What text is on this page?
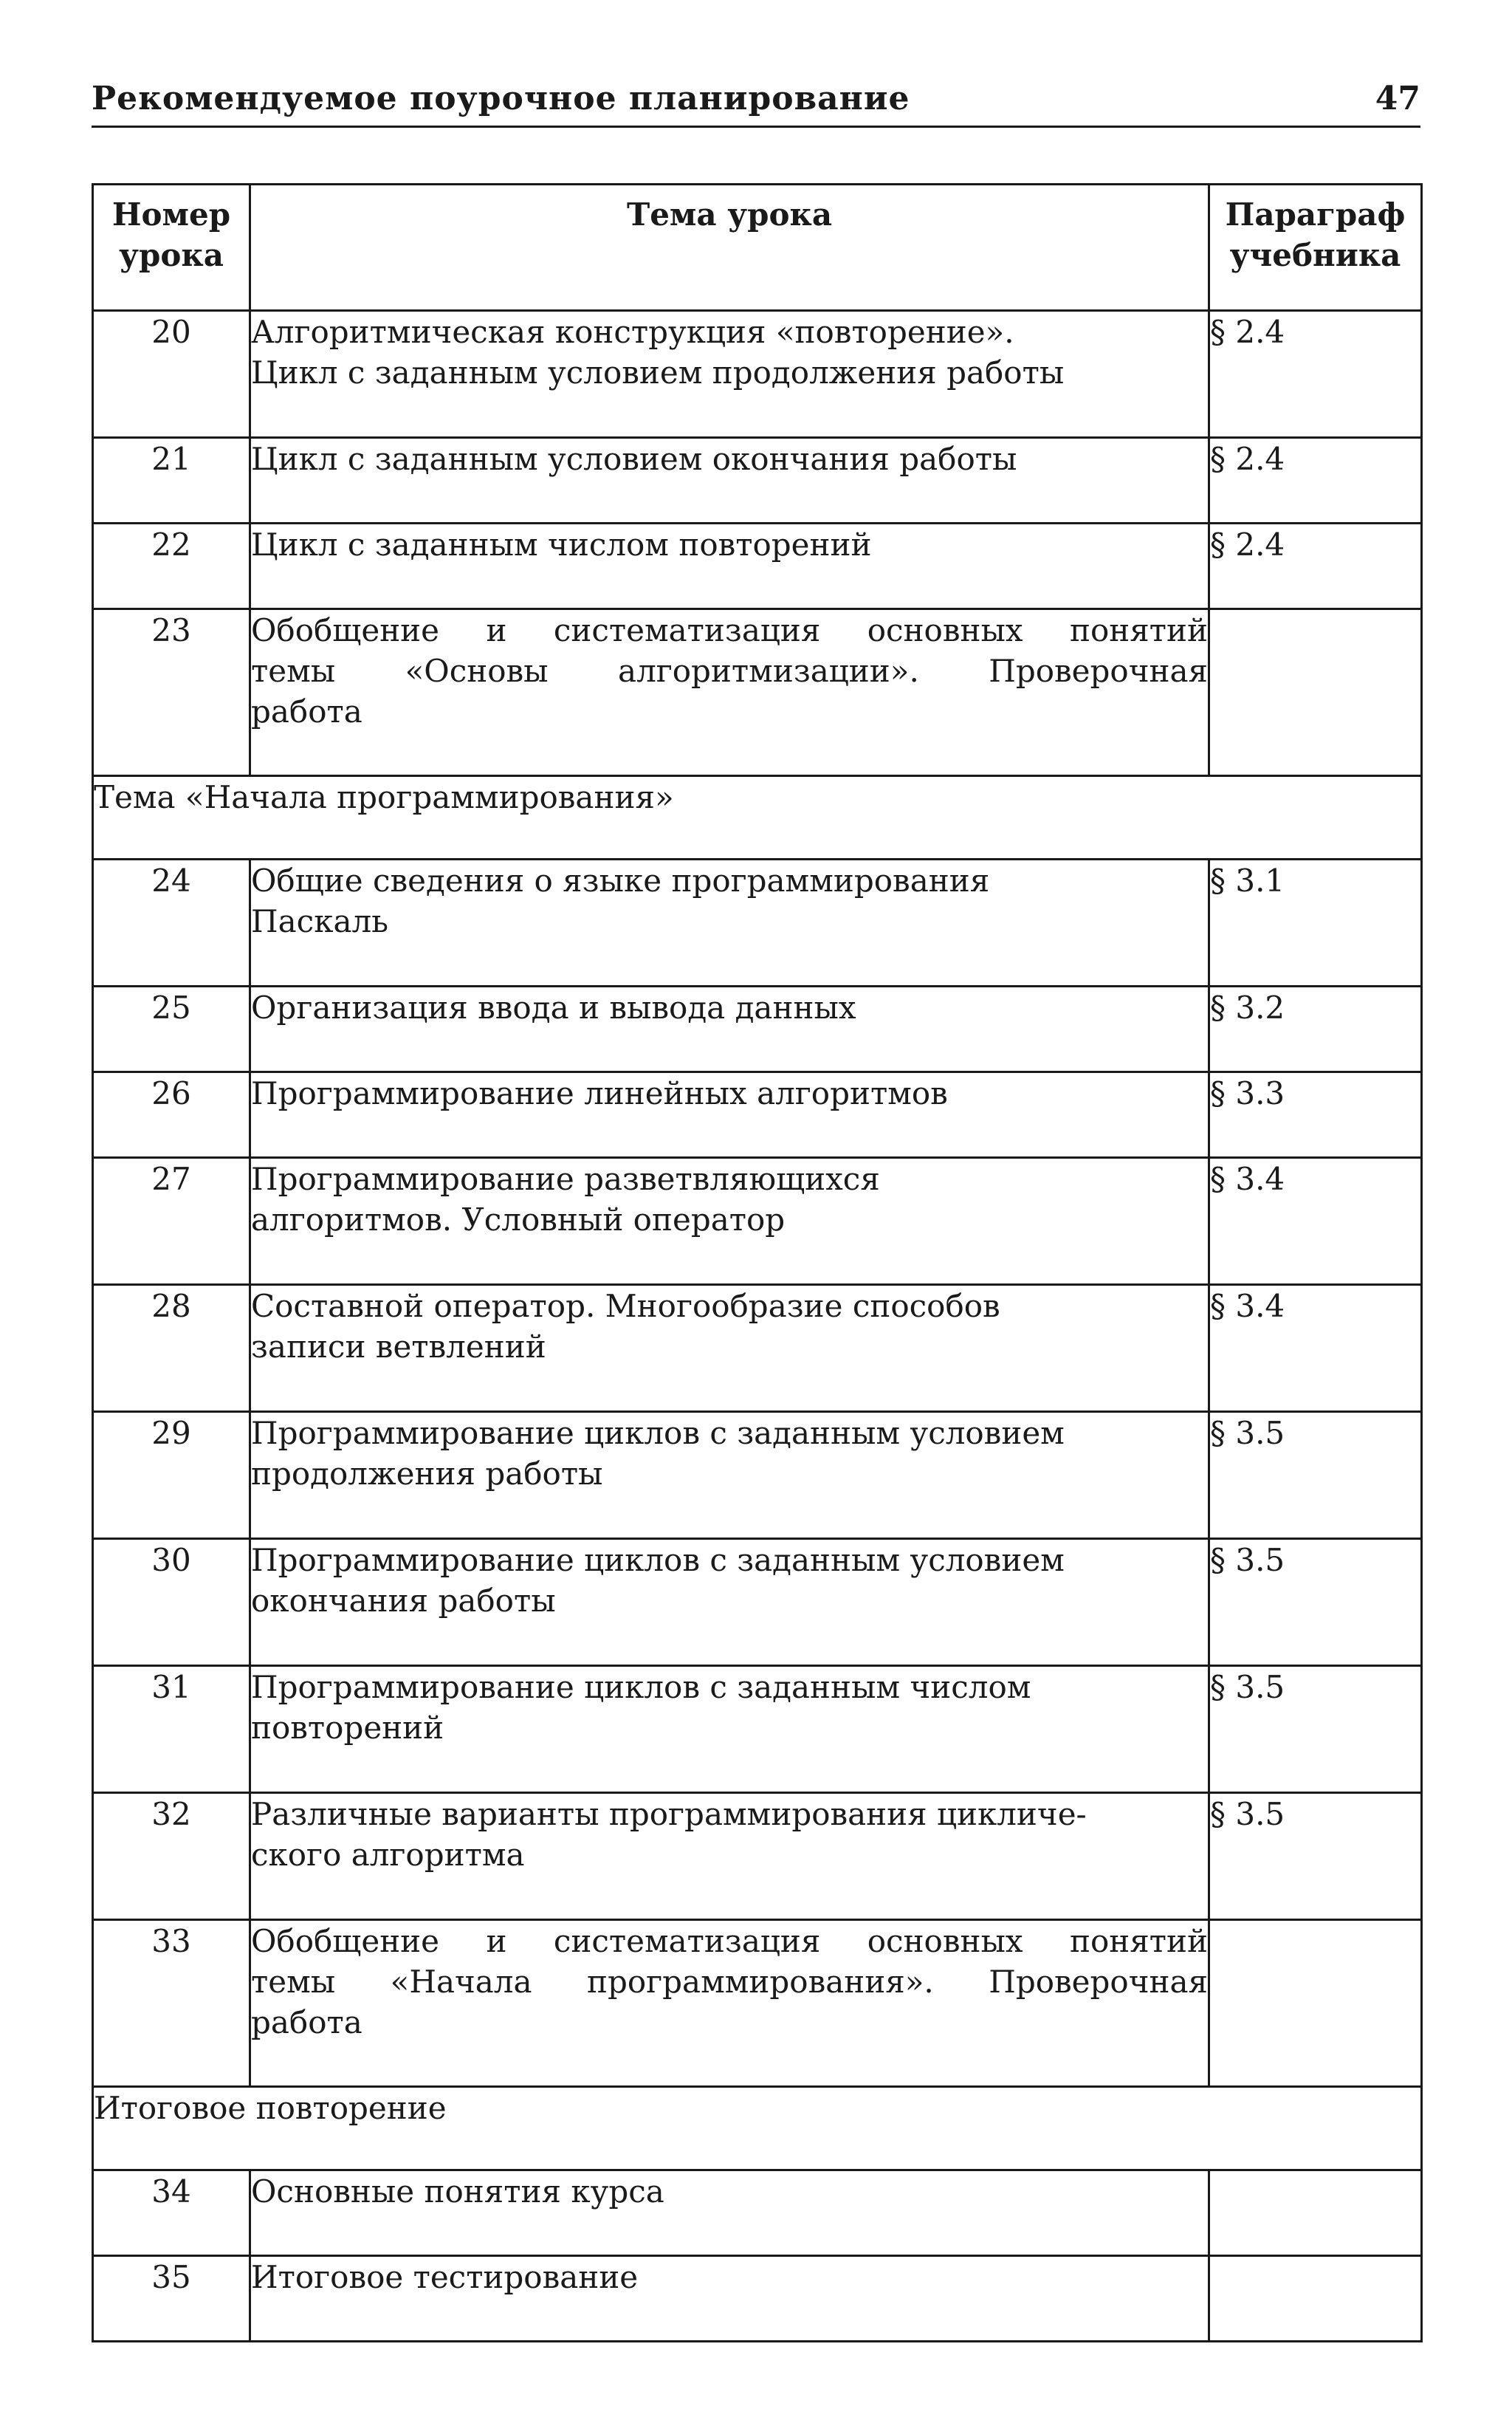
Рекомендуемое поурочное планирование	47
Номер
урока	Тема урока	Параграф
учебника

20	Алгоритмическая конструкция «повторение».
Цикл с заданным условием продолжения работы	§ 2.4
21	Цикл с заданным условием окончания работы	§ 2.4
22	Цикл с заданным числом повторений	§ 2.4
23	Обобщение и систематизация основных понятий
темы «Основы алгоритмизации». Проверочная
работа	

Тема «Начала программирования»		
24	Общие сведения о языке программирования
Паскаль	§ 3.1
25	Организация ввода и вывода данных	§ 3.2
26	Программирование линейных алгоритмов	§ 3.3
27	Программирование разветвляющихся
алгоритмов. Условный оператор	§ 3.4
28	Составной оператор. Многообразие способов
записи ветвлений	§ 3.4
29	Программирование циклов с заданным условием
продолжения работы	§ 3.5
30	Программирование циклов с заданным условием
окончания работы	§ 3.5
31	Программирование циклов с заданным числом
повторений	§ 3.5
32	Различные варианты программирования цикличе-
ского алгоритма	§ 3.5
33	Обобщение и систематизация основных понятий
темы «Начала программирования». Проверочная
работа	

Итоговое повторение		
34	Основные понятия курса	

35	Итоговое тестирование	
